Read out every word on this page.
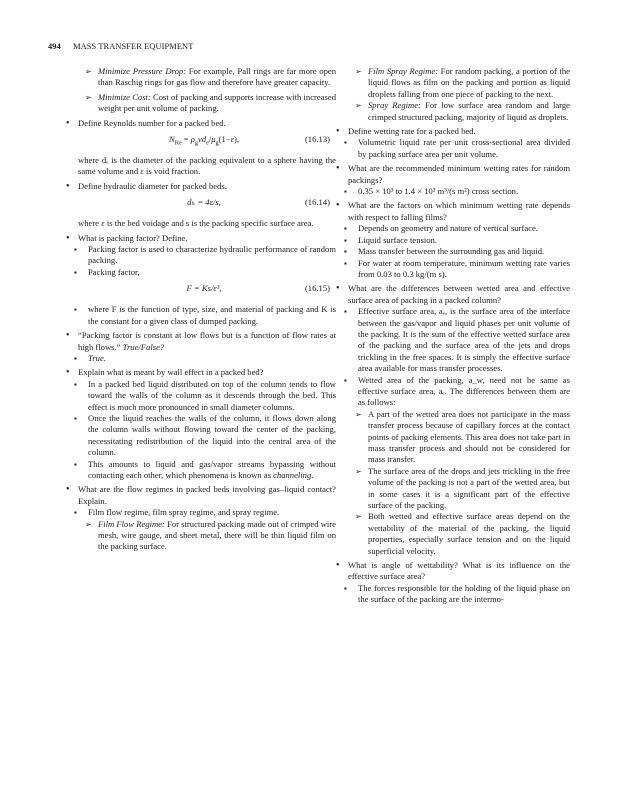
494 MASS TRANSFER EQUIPMENT

➢ Minimize Pressure Drop: For example, Pall rings are far more open than Raschig rings for gas flow and therefore have greater capacity.

➢ Minimize Cost: Cost of packing and supports increase with increased weight per unit volume of packing.

• Define Reynolds number for a packed bed.

$N_{Re} = \rho_gvd_e/\mu_g(1-\varepsilon)$,	(16.13)

where dₑ is the diameter of the packing equivalent to a sphere having the same volume and ε is void fraction.

• Define hydraulic diameter for packed beds.

dₕ = 4ε/s,	(16.14)

where ε is the bed voidage and s is the packing specific surface area.

• What is packing factor? Define.

▪ Packing factor is used to characterize hydraulic performance of random packing.

▪ Packing factor,

F = Ks/ε³,	(16.15)

▪ where F is the function of type, size, and material of packing and K is the constant for a given class of dumped packing.

• “Packing factor is constant at low flows but is a function of flow rates at high flows.” True/False?

▪ True.

• Explain what is meant by wall effect in a packed bed?

▪ In a packed bed liquid distributed on top of the column tends to flow toward the walls of the column as it descends through the bed. This effect is much more pronounced in small diameter columns.

▪ Once the liquid reaches the walls of the column, it flows down along the column walls without flowing toward the center of the packing, necessitating redistribution of the liquid into the central area of the column.

▪ This amounts to liquid and gas/vapor streams bypassing without contacting each other, which phenomena is known as channeling.

• What are the flow regimes in packed beds involving gas–liquid contact? Explain.

▪ Film flow regime, film spray regime, and spray regime.

➢ Film Flow Regime: For structured packing made out of crimped wire mesh, wire gauge, and sheet metal, there will be thin liquid film on the packing surface.

➢ Film Spray Regime: For random packing, a portion of the liquid flows as film on the packing and portion as liquid droplets falling from one piece of packing to the next.

➢ Spray Regime: For low surface area random and large crimped structured packing, majority of liquid as droplets.

• Define wetting rate for a packed bed.

▪ Volumetric liquid rate per unit cross-sectional area divided by packing surface area per unit volume.

• What are the recommended minimum wetting rates for random packings?

▪ 0.35 × 10³ to 1.4 × 10³ m³/(s m²) cross section.

• What are the factors on which minimum wetting rate depends with respect to falling films?

▪ Depends on geometry and nature of vertical surface.

▪ Liquid surface tension.

▪ Mass transfer between the surrounding gas and liquid.

▪ For water at room temperature, minimum wetting rate varies from 0.03 to 0.3 kg/(m s).

• What are the differences between wetted area and effective surface area of packing in a packed column?

▪ Effective surface area, aₑ, is the surface area of the interface between the gas/vapor and liquid phases per unit volume of the packing. It is the sum of the effective wetted surface area of the packing and the surface area of the jets and drops trickling in the free spaces. It is simply the effective surface area available for mass transfer processes.

▪ Wetted area of the packing, a_w, need not be same as effective surface area, aₑ. The differences between them are as follows:

➢ A part of the wetted area does not participate in the mass transfer process because of capillary forces at the contact points of packing elements. This area does not take part in mass transfer process and should not be considered for mass transfer.

➢ The surface area of the drops and jets trickling in the free volume of the packing is not a part of the wetted area, but in some cases it is a significant part of the effective surface of the packing.

➢ Both wetted and effective surface areas depend on the wettability of the material of the packing, the liquid properties, especially surface tension and on the liquid superficial velocity.

• What is angle of wettability? What is its influence on the effective surface area?

▪ The forces responsible for the holding of the liquid phase on the surface of the packing are the intermo-
